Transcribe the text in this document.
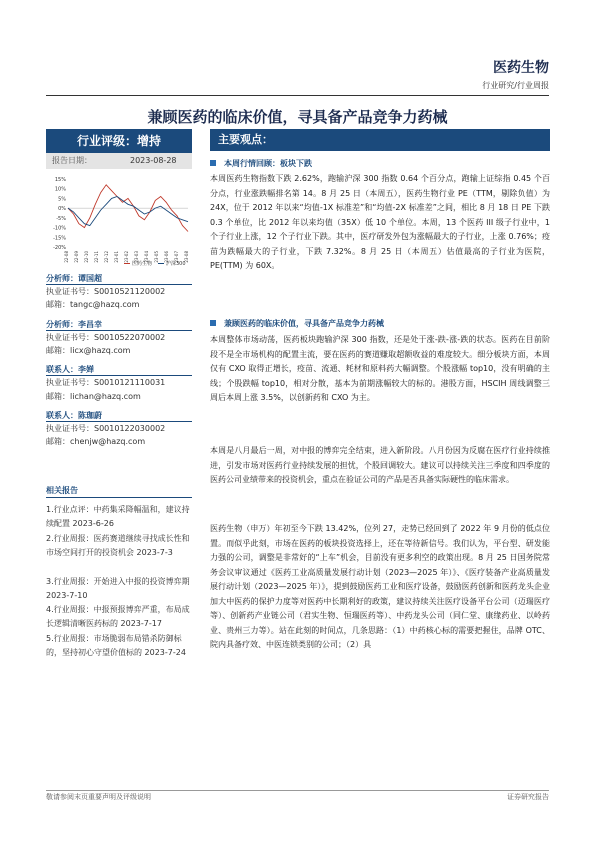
医药生物
行业研究/行业周报
兼顾医药的临床价值，寻具备产品竞争力药械
行业评级：增持
报告日期：	2023-08-28
15%
10%
5%
0%
-5%
-10%
-15%
-20%
22-08 22-09 22-10 22-11 22-12 23-01 23-02 23-03 23-04 23-05 23-06 23-07 23-08
医药生物	沪深300
分析师：谭国超
执业证书号：S0010521120002
邮箱：tangc@hazq.com
分析师：李昌幸
执业证书号：S0010522070002
邮箱：licx@hazq.com
联系人：李婵
执业证书号：S0010121110031
邮箱：lichan@hazq.com
联系人：陈珈蔚
执业证书号：S0010122030002
邮箱：chenjw@hazq.com
相关报告
1.行业点评：中药集采降幅温和，建议持续配置 2023-6-26
2.行业周报：医药赛道继续寻找成长性和市场空间打开的投资机会 2023-7-3
3.行业周报：开始进入中报的投资博弈期 2023-7-10
4.行业周报：中报预报博弈严重，布局成长逻辑清晰医药标的 2023-7-17
5.行业周报：市场脆弱布局错杀防御标的，坚持初心守望价值标的 2023-7-24
主要观点：
本周行情回顾：板块下跌

本周医药生物指数下跌 2.62%，跑输沪深 300 指数 0.64 个百分点，跑输上证综指 0.45 个百分点，行业涨跌幅排名第 14。8 月 25 日（本周五），医药生物行业 PE（TTM，剔除负值）为 24X，位于 2012 年以来“均值-1X 标准差”和“均值-2X 标准差”之间，相比 8 月 18 日 PE 下跌 0.3 个单位，比 2012 年以来均值（35X）低 10 个单位。本周，13 个医药 III 级子行业中，1 个子行业上涨，12 个子行业下跌。其中，医疗研发外包为涨幅最大的子行业，上涨 0.76%；疫苗为跌幅最大的子行业，下跌 7.32%。8 月 25 日（本周五）估值最高的子行业为医院，PE(TTM) 为 60X。

兼顾医药的临床价值，寻具备产品竞争力药械

本周整体市场动荡，医药板块跑输沪深 300 指数，还是处于涨-跌-涨-跌的状态。医药在目前阶段不是全市场机构的配置主流，要在医药的赛道赚取超额收益的难度较大。细分板块方面，本周仅有 CXO 取得正增长，疫苗、流通、耗材和原料药大幅调整。个股涨幅 top10，没有明确的主线；个股跌幅 top10，相对分散，基本为前期涨幅较大的标的。港股方面，HSCIH 周线调整三周后本周上涨 3.5%，以创新药和 CXO 为主。

本周是八月最后一周，对中报的博弈完全结束，进入新阶段。八月份因为反腐在医疗行业持续推进，引发市场对医药行业持续发展的担忧，个股回调较大。建议可以持续关注三季度和四季度的医药公司业绩带来的投资机会，重点在验证公司的产品是否具备实际硬性的临床需求。

医药生物（申万）年初至今下跌 13.42%，位列 27，走势已经回到了 2022 年 9 月份的低点位置。而似乎此刻，市场在医药的板块投资选择上，还在等待新信号。我们认为，平台型、研发能力强的公司，调整是非常好的“上车”机会，目前没有更多利空的政策出现。8 月 25 日国务院常务会议审议通过《医药工业高质量发展行动计划（2023—2025 年）》、《医疗装备产业高质量发展行动计划（2023—2025 年）》，提到鼓励医药工业和医疗设备，鼓励医药创新和医药龙头企业加大中医药的保护力度等对医药中长期利好的政策，建议持续关注医疗设备平台公司（迈瑞医疗等）、创新药产业链公司（君实生物、恒瑞医药等）、中药龙头公司（同仁堂、康缘药业、以岭药业、贵州三力等）。站在此刻的时间点，几条思路：（1）中药核心标的需要把握住，品牌 OTC、院内具备疗效、中医连锁类别的公司；（2）具

敬请参阅末页重要声明及评级说明	证券研究报告
